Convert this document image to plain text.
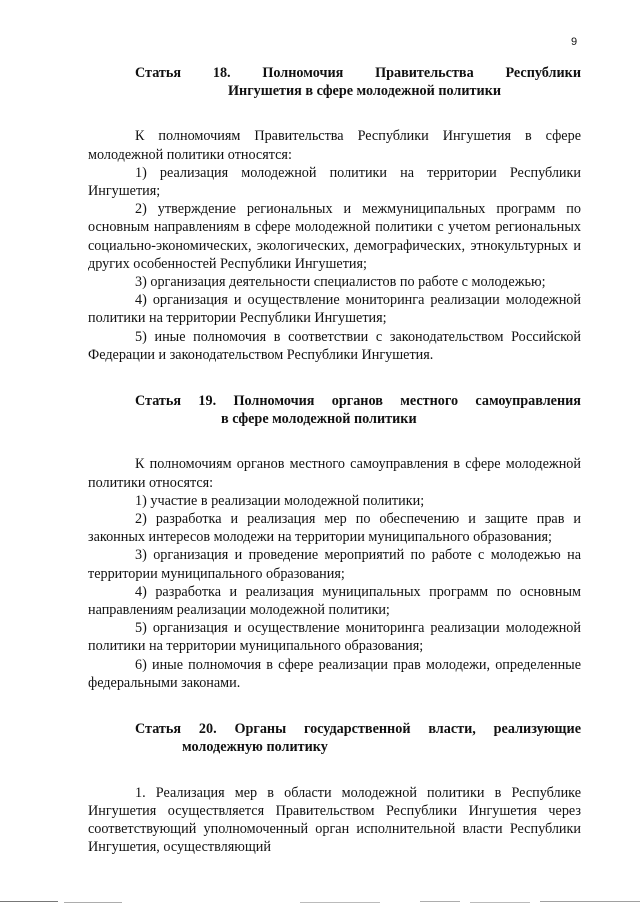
9
Статья 18. Полномочия Правительства Республики
Ингушетия в сфере молодежной политики

К полномочиям Правительства Республики Ингушетия в сфере молодежной политики относятся:

1) реализация молодежной политики на территории Республики Ингушетия;

2) утверждение региональных и межмуниципальных программ по основным направлениям в сфере молодежной политики с учетом региональных социально-экономических, экологических, демографических, этнокультурных и других особенностей Республики Ингушетия;

3) организация деятельности специалистов по работе с молодежью;

4) организация и осуществление мониторинга реализации молодежной политики на территории Республики Ингушетия;

5) иные полномочия в соответствии с законодательством Российской Федерации и законодательством Республики Ингушетия.

Статья 19. Полномочия органов местного самоуправления
в сфере молодежной политики

К полномочиям органов местного самоуправления в сфере молодежной политики относятся:

1) участие в реализации молодежной политики;

2) разработка и реализация мер по обеспечению и защите прав и законных интересов молодежи на территории муниципального образования;

3) организация и проведение мероприятий по работе с молодежью на территории муниципального образования;

4) разработка и реализация муниципальных программ по основным направлениям реализации молодежной политики;

5) организация и осуществление мониторинга реализации молодежной политики на территории муниципального образования;

6) иные полномочия в сфере реализации прав молодежи, определенные федеральными законами.

Статья 20. Органы государственной власти, реализующие
молодежную политику

1. Реализация мер в области молодежной политики в Республике Ингушетия осуществляется Правительством Республики Ингушетия через соответствующий уполномоченный орган исполнительной власти Республики Ингушетия, осуществляющий
